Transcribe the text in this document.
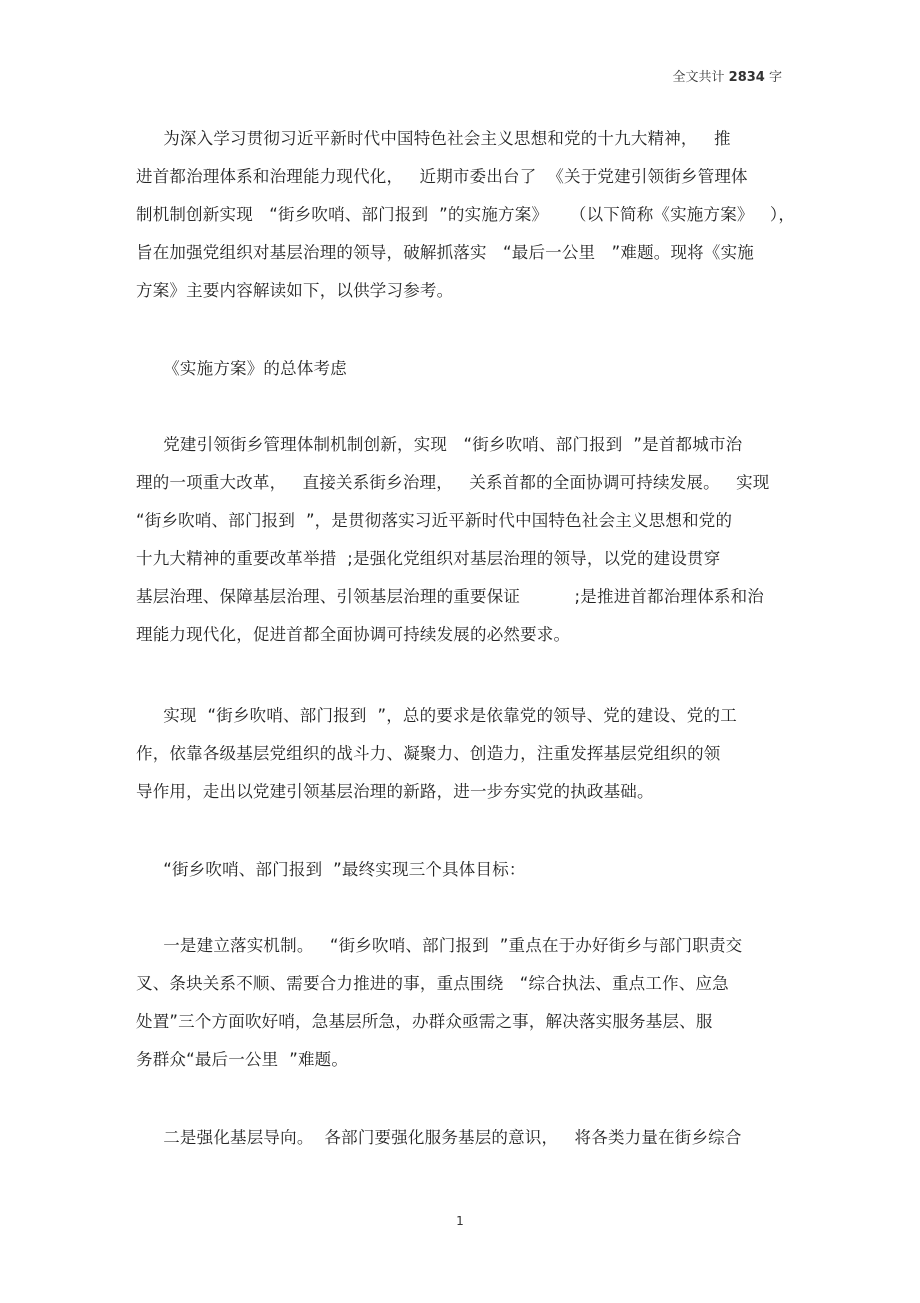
全文共计 2834 字
为深入学习贯彻习近平新时代中国特色社会主义思想和党的十九大精神，   推
进首都治理体系和治理能力现代化，   近期市委出台了  《关于党建引领街乡管理体
制机制创新实现   “街乡吹哨、部门报到  ”的实施方案》    （以下简称《实施方案》   ），
旨在加强党组织对基层治理的领导，破解抓落实   “最后一公里   ”难题。现将《实施
方案》主要内容解读如下，以供学习参考。
《实施方案》的总体考虑
党建引领街乡管理体制机制创新，实现   “街乡吹哨、部门报到  ”是首都城市治
理的一项重大改革，   直接关系街乡治理，   关系首都的全面协调可持续发展。   实现
“街乡吹哨、部门报到  ”，是贯彻落实习近平新时代中国特色社会主义思想和党的
十九大精神的重要改革举措  ;是强化党组织对基层治理的领导，以党的建设贯穿
基层治理、保障基层治理、引领基层治理的重要保证          ;是推进首都治理体系和治
理能力现代化，促进首都全面协调可持续发展的必然要求。
实现  “街乡吹哨、部门报到  ”，总的要求是依靠党的领导、党的建设、党的工
作，依靠各级基层党组织的战斗力、凝聚力、创造力，注重发挥基层党组织的领
导作用，走出以党建引领基层治理的新路，进一步夯实党的执政基础。
“街乡吹哨、部门报到  ”最终实现三个具体目标：
一是建立落实机制。   “街乡吹哨、部门报到  ”重点在于办好街乡与部门职责交
叉、条块关系不顺、需要合力推进的事，重点围绕   “综合执法、重点工作、应急
处置”三个方面吹好哨，急基层所急，办群众亟需之事，解决落实服务基层、服
务群众“最后一公里  ”难题。
二是强化基层导向。  各部门要强化服务基层的意识，   将各类力量在街乡综合
1
